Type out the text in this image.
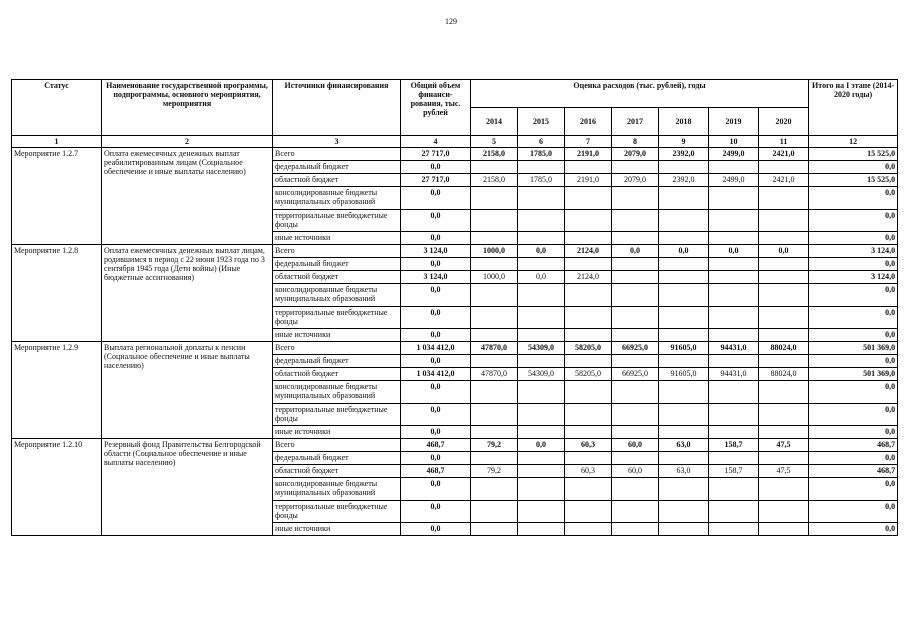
129
Статус	Наименование государственной программы, подпрограммы, основного мероприятия, мероприятия	Источники финансирования	Общий объем финанси- рования, тыс. рублей	Оценка расходов (тыс. рублей), годы							Итого на I этапе (2014- 2020 годы)
				2014	2015	2016	2017	2018	2019	2020	
1	2	3	4	5	6	7	8	9	10	11	12
Мероприятие 1.2.7	Оплата ежемесячных денежных выплат реабилитированным лицам (Социальное обеспечение и иные выплаты населению)	Всего	27 717,0	2158,0	1785,0	2191,0	2079,0	2392,0	2499,0	2421,0	15 525,0
		федеральный бюджет	0,0								0,0
		областной бюджет	27 717,0	2158,0	1785,0	2191,0	2079,0	2392,0	2499,0	2421,0	15 525,0
		консолидированные бюджеты муниципальных образований	0,0								0,0
		территориальные внебюджетные фонды	0,0								0,0
		иные источники	0,0								0,0
Мероприятие 1.2.8	Оплата ежемесячных денежных выплат лицам, родившимся в период с 22 июня 1923 года по 3 сентября 1945 года (Дети войны) (Иные бюджетные ассигнования)	Всего	3 124,0	1000,0	0,0	2124,0	0,0	0,0	0,0	0,0	3 124,0
		федеральный бюджет	0,0								0,0
		областной бюджет	3 124,0	1000,0	0,0	2124,0					3 124,0
		консолидированные бюджеты муниципальных образований	0,0								0,0
		территориальные внебюджетные фонды	0,0								0,0
		иные источники	0,0								0,0
Мероприятие 1.2.9	Выплата региональной доплаты к пенсии (Социальное обеспечение и иные выплаты населению)	Всего	1 034 412,0	47870,0	54309,0	58205,0	66925,0	91605,0	94431,0	88024,0	501 369,0
		федеральный бюджет	0,0								0,0
		областной бюджет	1 034 412,0	47870,0	54309,0	58205,0	66925,0	91605,0	94431,0	88024,0	501 369,0
		консолидированные бюджеты муниципальных образований	0,0								0,0
		территориальные внебюджетные фонды	0,0								0,0
		иные источники	0,0								0,0
Мероприятие 1.2.10	Резервный фонд Правительства Белгородской области (Социальное обеспечение и иные выплаты населению)	Всего	468,7	79,2	0,0	60,3	60,0	63,0	158,7	47,5	468,7
		федеральный бюджет	0,0								0,0
		областной бюджет	468,7	79,2		60,3	60,0	63,0	158,7	47,5	468,7
		консолидированные бюджеты муниципальных образований	0,0								0,0
		территориальные внебюджетные фонды	0,0								0,0
		иные источники	0,0								0,0
